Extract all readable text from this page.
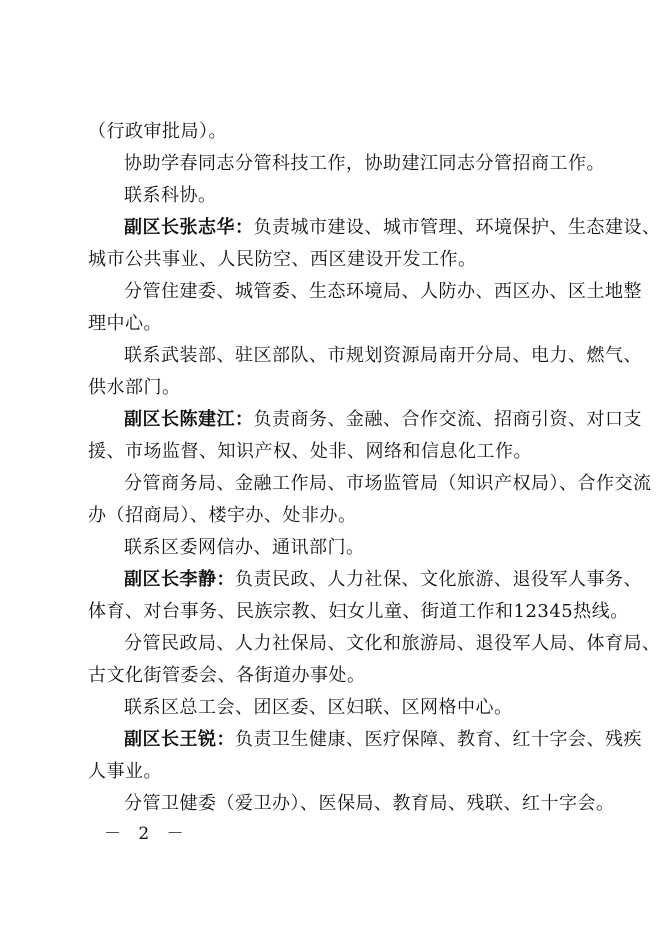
（行政审批局）。
协助学春同志分管科技工作，协助建江同志分管招商工作。
联系科协。
副区长张志华：负责城市建设、城市管理、环境保护、生态建设、
城市公共事业、人民防空、西区建设开发工作。
分管住建委、城管委、生态环境局、人防办、西区办、区土地整
理中心。
联系武装部、驻区部队、市规划资源局南开分局、电力、燃气、
供水部门。
副区长陈建江：负责商务、金融、合作交流、招商引资、对口支
援、市场监督、知识产权、处非、网络和信息化工作。
分管商务局、金融工作局、市场监管局（知识产权局）、合作交流
办（招商局）、楼宇办、处非办。
联系区委网信办、通讯部门。
副区长李静：负责民政、人力社保、文化旅游、退役军人事务、
体育、对台事务、民族宗教、妇女儿童、街道工作和12345热线。
分管民政局、人力社保局、文化和旅游局、退役军人局、体育局、
古文化街管委会、各街道办事处。
联系区总工会、团区委、区妇联、区网格中心。
副区长王锐：负责卫生健康、医疗保障、教育、红十字会、残疾
人事业。
分管卫健委（爱卫办）、医保局、教育局、残联、红十字会。
－ 2 －
